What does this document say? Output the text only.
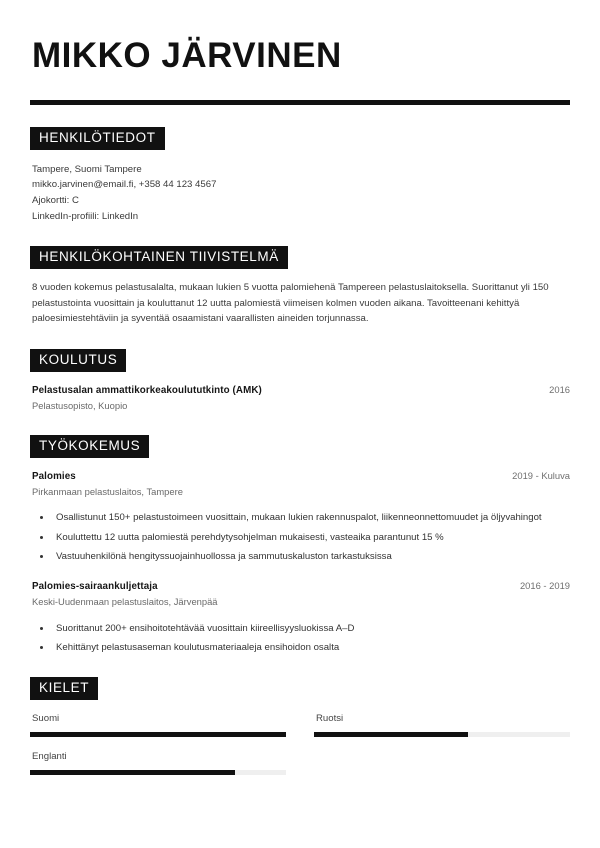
MIKKO JÄRVINEN
HENKILÖTIEDOT
Tampere, Suomi Tampere
mikko.jarvinen@email.fi, +358 44 123 4567
Ajokortti: C
LinkedIn-profiili: LinkedIn
HENKILÖKOHTAINEN TIIVISTELMÄ

8 vuoden kokemus pelastusalalta, mukaan lukien 5 vuotta palomiehenä Tampereen pelastuslaitoksella. Suorittanut yli 150 pelastustointa vuosittain ja kouluttanut 12 uutta palomiestä viimeisen kolmen vuoden aikana. Tavoitteenani kehittyä paloesimiestehtäviin ja syventää osaamistani vaarallisten aineiden torjunnassa.

KOULUTUS
Pelastusalan ammattikorkeakoulututkinto (AMK)	2016
Pelastusopisto, Kuopio
TYÖKOKEMUS
Palomies	2019 - Kuluva
Pirkanmaan pelastuslaitos, Tampere
• Osallistunut 150+ pelastustoimeen vuosittain, mukaan lukien rakennuspalot, liikenneonnettomuudet ja öljyvahingot
• Kouluttettu 12 uutta palomiestä perehdytysohjelman mukaisesti, vasteaika parantunut 15 %
• Vastuuhenkilönä hengityssuojainhuollossa ja sammutuskaluston tarkastuksissa
Palomies-sairaankuljettaja	2016 - 2019
Keski-Uudenmaan pelastuslaitos, Järvenpää
• Suorittanut 200+ ensihoitotehtävää vuosittain kiireellisyysluokissa A–D
• Kehittänyt pelastusaseman koulutusmateriaaleja ensihoidon osalta
KIELET
Suomi	Ruotsi
Englanti
